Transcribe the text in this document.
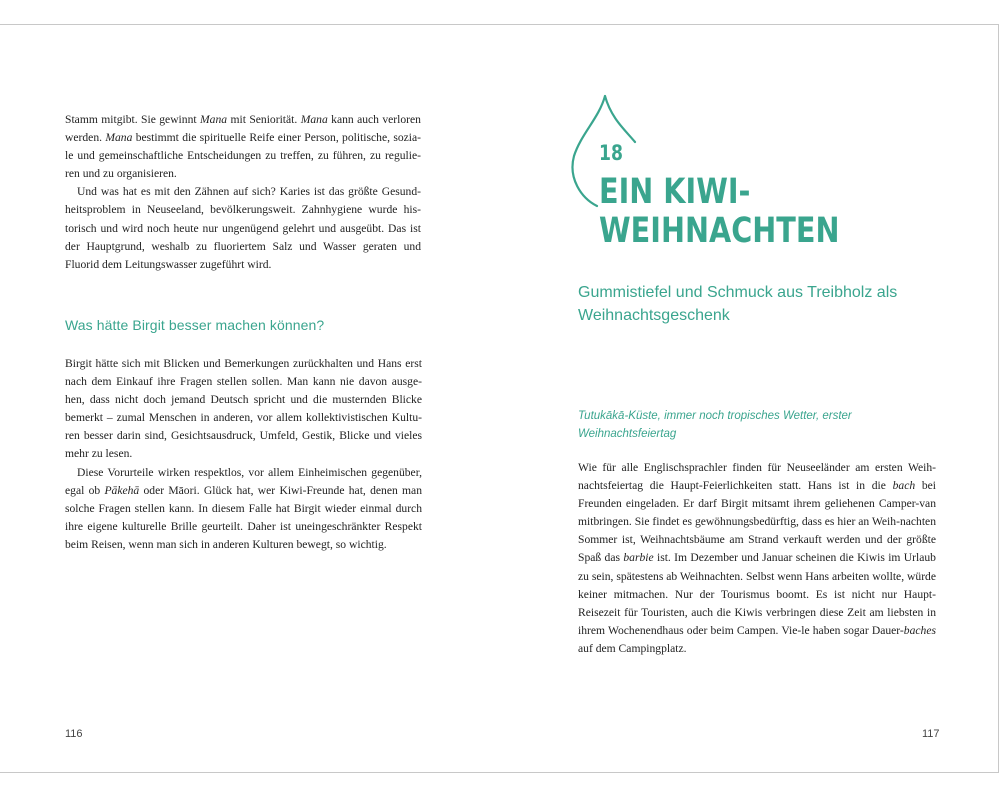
Stamm mitgibt. Sie gewinnt Mana mit Seniorität. Mana kann auch verloren werden. Mana bestimmt die spirituelle Reife einer Person, politische, sozia-le und gemeinschaftliche Entscheidungen zu treffen, zu führen, zu regulie-ren und zu organisieren.

Und was hat es mit den Zähnen auf sich? Karies ist das größte Gesund-heitsproblem in Neuseeland, bevölkerungsweit. Zahnhygiene wurde his-torisch und wird noch heute nur ungenügend gelehrt und ausgeübt. Das ist der Hauptgrund, weshalb zu fluoriertem Salz und Wasser geraten und Fluorid dem Leitungswasser zugeführt wird.

Was hätte Birgit besser machen können?

Birgit hätte sich mit Blicken und Bemerkungen zurückhalten und Hans erst nach dem Einkauf ihre Fragen stellen sollen. Man kann nie davon ausge-hen, dass nicht doch jemand Deutsch spricht und die musternden Blicke bemerkt – zumal Menschen in anderen, vor allem kollektivistischen Kultu-ren besser darin sind, Gesichtsausdruck, Umfeld, Gestik, Blicke und vieles mehr zu lesen.

Diese Vorurteile wirken respektlos, vor allem Einheimischen gegenüber, egal ob Pākehā oder Māori. Glück hat, wer Kiwi-Freunde hat, denen man solche Fragen stellen kann. In diesem Falle hat Birgit wieder einmal durch ihre eigene kulturelle Brille geurteilt. Daher ist uneingeschränkter Respekt beim Reisen, wenn man sich in anderen Kulturen bewegt, so wichtig.

116
18
EIN KIWI-
WEIHNACHTEN
Gummistiefel und Schmuck aus Treibholz als Weihnachtsgeschenk
Tutukākā-Küste, immer noch tropisches Wetter, erster Weihnachtsfeiertag

Wie für alle Englischsprachler finden für Neuseeländer am ersten Weih-nachtsfeiertag die Haupt-Feierlichkeiten statt. Hans ist in die bach bei Freunden eingeladen. Er darf Birgit mitsamt ihrem geliehenen Camper-van mitbringen. Sie findet es gewöhnungsbedürftig, dass es hier an Weih-nachten Sommer ist, Weihnachtsbäume am Strand verkauft werden und der größte Spaß das barbie ist. Im Dezember und Januar scheinen die Kiwis im Urlaub zu sein, spätestens ab Weihnachten. Selbst wenn Hans arbeiten wollte, würde keiner mitmachen. Nur der Tourismus boomt. Es ist nicht nur Haupt-Reisezeit für Touristen, auch die Kiwis verbringen diese Zeit am liebsten in ihrem Wochenendhaus oder beim Campen. Vie-le haben sogar Dauer-baches auf dem Campingplatz.

117
